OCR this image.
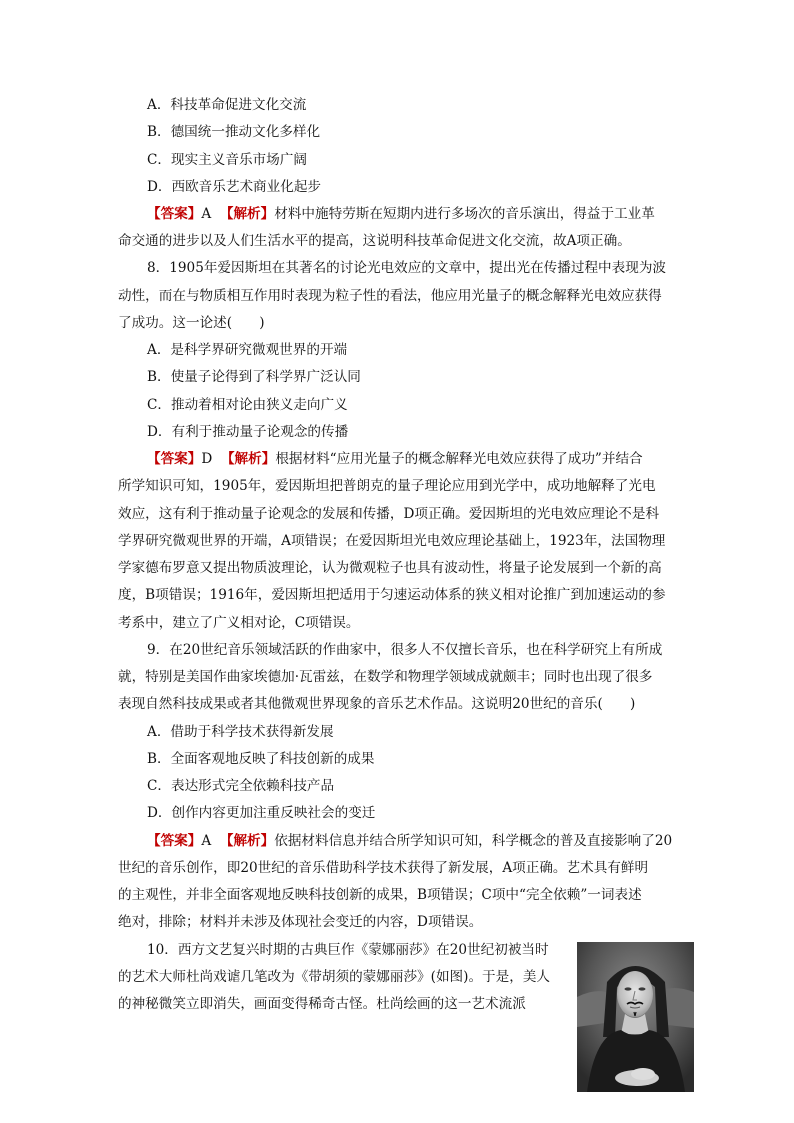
A．科技革命促进文化交流
B．德国统一推动文化多样化
C．现实主义音乐市场广阔
D．西欧音乐艺术商业化起步
【答案】A 【解析】材料中施特劳斯在短期内进行多场次的音乐演出，得益于工业革
命交通的进步以及人们生活水平的提高，这说明科技革命促进文化交流，故A项正确。
8．1905年爱因斯坦在其著名的讨论光电效应的文章中，提出光在传播过程中表现为波
动性，而在与物质相互作用时表现为粒子性的看法，他应用光量子的概念解释光电效应获得
了成功。这一论述(　　)
A．是科学界研究微观世界的开端
B．使量子论得到了科学界广泛认同
C．推动着相对论由狭义走向广义
D．有利于推动量子论观念的传播
【答案】D 【解析】根据材料“应用光量子的概念解释光电效应获得了成功”并结合
所学知识可知，1905年，爱因斯坦把普朗克的量子理论应用到光学中，成功地解释了光电
效应，这有利于推动量子论观念的发展和传播，D项正确。爱因斯坦的光电效应理论不是科
学界研究微观世界的开端，A项错误；在爱因斯坦光电效应理论基础上，1923年，法国物理
学家德布罗意又提出物质波理论，认为微观粒子也具有波动性，将量子论发展到一个新的高
度，B项错误；1916年，爱因斯坦把适用于匀速运动体系的狭义相对论推广到加速运动的参
考系中，建立了广义相对论，C项错误。
9．在20世纪音乐领域活跃的作曲家中，很多人不仅擅长音乐，也在科学研究上有所成
就，特别是美国作曲家埃德加·瓦雷兹，在数学和物理学领域成就颇丰；同时也出现了很多
表现自然科技成果或者其他微观世界现象的音乐艺术作品。这说明20世纪的音乐(　　)
A．借助于科学技术获得新发展
B．全面客观地反映了科技创新的成果
C．表达形式完全依赖科技产品
D．创作内容更加注重反映社会的变迁
【答案】A 【解析】依据材料信息并结合所学知识可知，科学概念的普及直接影响了20
世纪的音乐创作，即20世纪的音乐借助科学技术获得了新发展，A项正确。艺术具有鲜明
的主观性，并非全面客观地反映科技创新的成果，B项错误；C项中“完全依赖”一词表述
绝对，排除；材料并未涉及体现社会变迁的内容，D项错误。
10．西方文艺复兴时期的古典巨作《蒙娜丽莎》在20世纪初被当时
的艺术大师杜尚戏谑几笔改为《带胡须的蒙娜丽莎》(如图)。于是，美人
的神秘微笑立即消失，画面变得稀奇古怪。杜尚绘画的这一艺术流派
